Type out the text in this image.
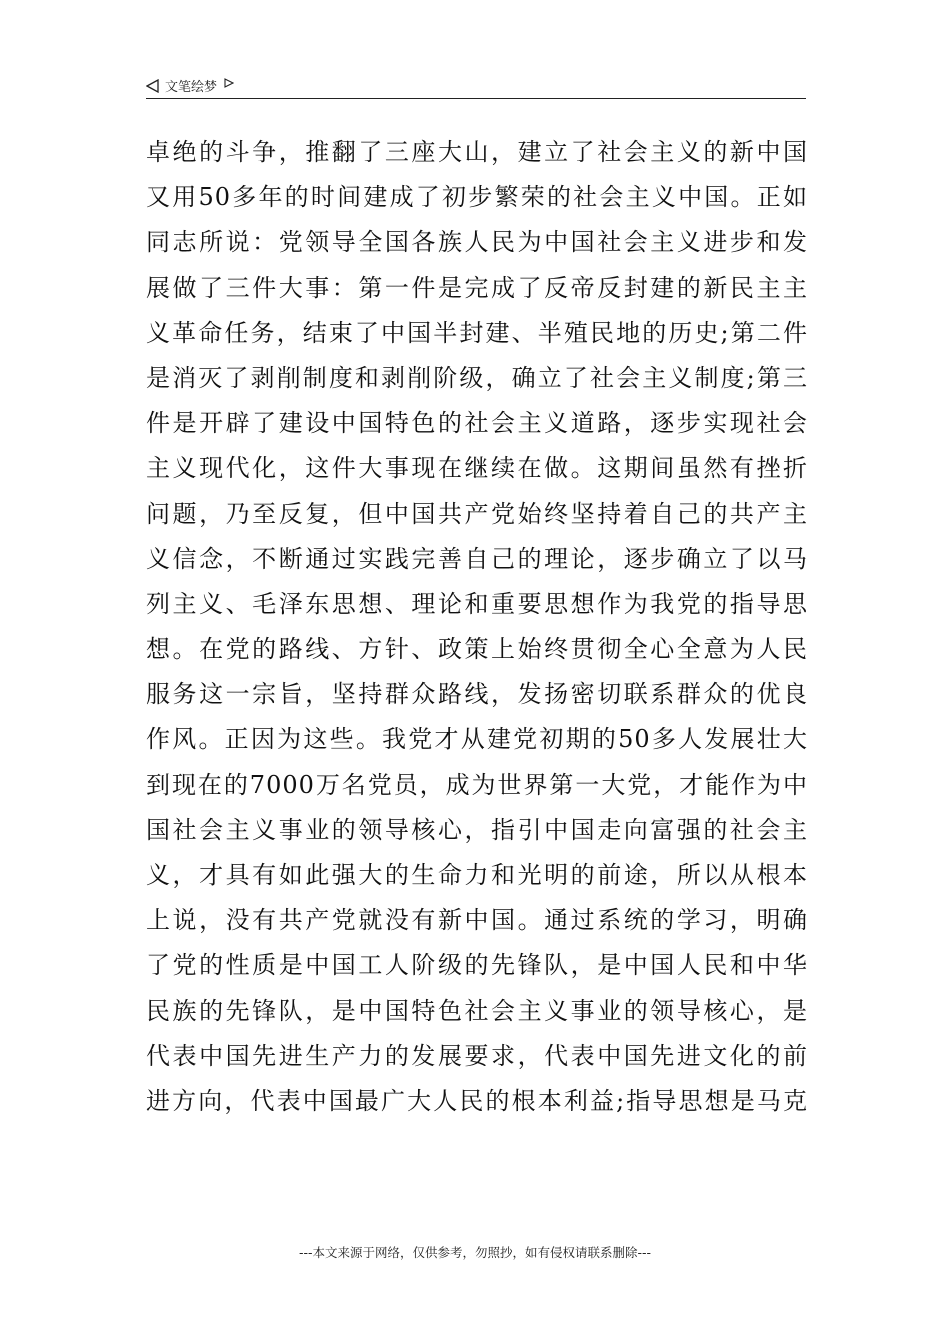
文笔绘梦
卓绝的斗争，推翻了三座大山，建立了社会主义的新中国
又用50多年的时间建成了初步繁荣的社会主义中国。正如
同志所说：党领导全国各族人民为中国社会主义进步和发
展做了三件大事：第一件是完成了反帝反封建的新民主主
义革命任务，结束了中国半封建、半殖民地的历史;第二件
是消灭了剥削制度和剥削阶级，确立了社会主义制度;第三
件是开辟了建设中国特色的社会主义道路，逐步实现社会
主义现代化，这件大事现在继续在做。这期间虽然有挫折
问题，乃至反复，但中国共产党始终坚持着自己的共产主
义信念，不断通过实践完善自己的理论，逐步确立了以马
列主义、毛泽东思想、理论和重要思想作为我党的指导思
想。在党的路线、方针、政策上始终贯彻全心全意为人民
服务这一宗旨，坚持群众路线，发扬密切联系群众的优良
作风。正因为这些。我党才从建党初期的50多人发展壮大
到现在的7000万名党员，成为世界第一大党，才能作为中
国社会主义事业的领导核心，指引中国走向富强的社会主
义，才具有如此强大的生命力和光明的前途，所以从根本
上说，没有共产党就没有新中国。通过系统的学习，明确
了党的性质是中国工人阶级的先锋队，是中国人民和中华
民族的先锋队，是中国特色社会主义事业的领导核心，是
代表中国先进生产力的发展要求，代表中国先进文化的前
进方向，代表中国最广大人民的根本利益;指导思想是马克
---本文来源于网络，仅供参考，勿照抄，如有侵权请联系删除---
